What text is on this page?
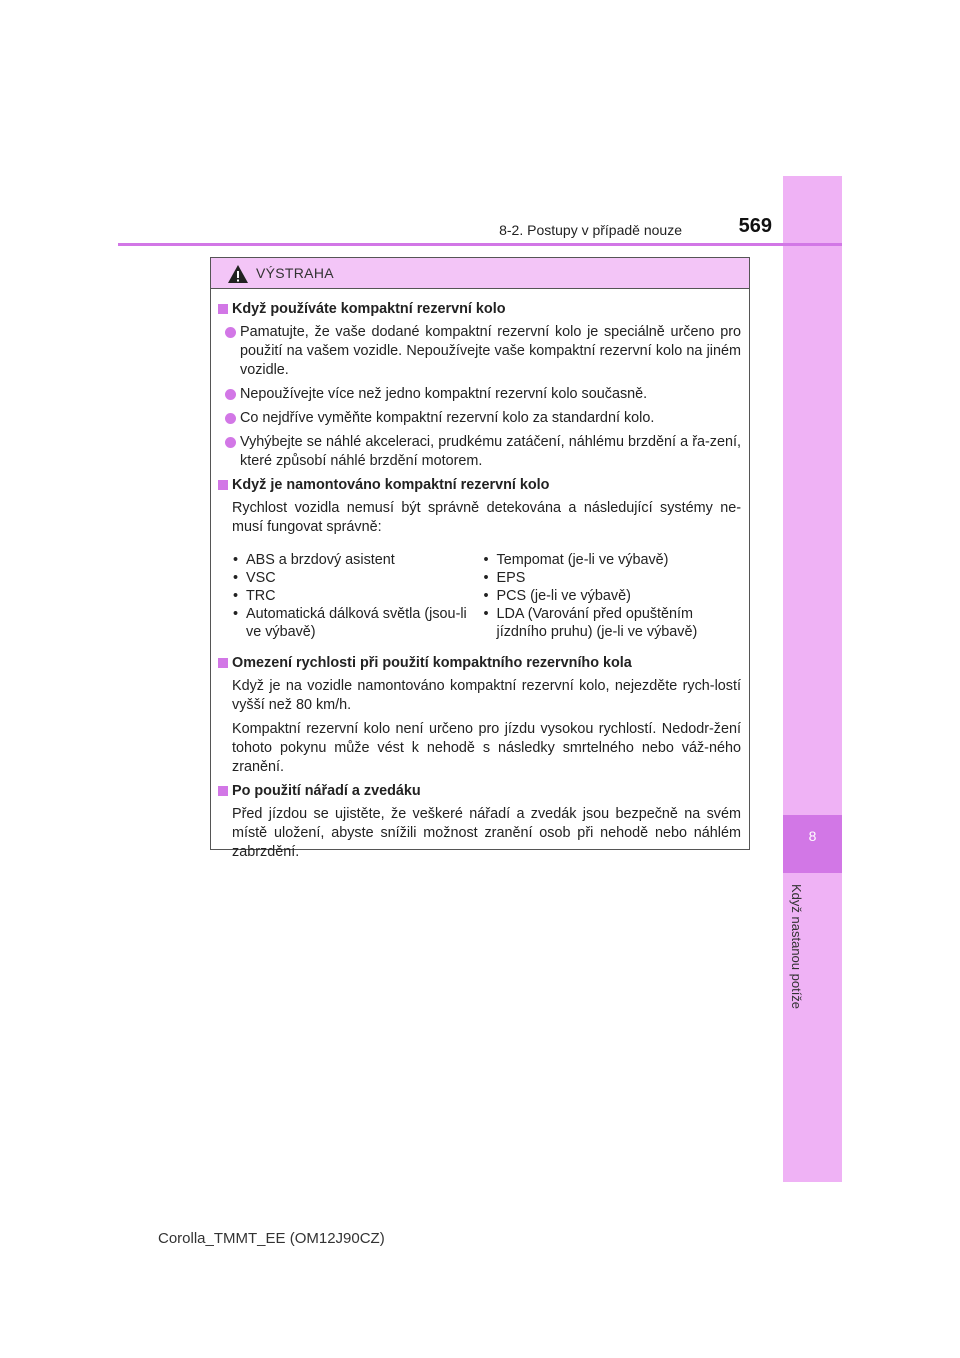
8
Když nastanou potíže
8-2. Postupy v případě nouze	569
VÝSTRAHA
Když používáte kompaktní rezervní kolo
Pamatujte, že vaše dodané kompaktní rezervní kolo je speciálně určeno pro použití na vašem vozidle. Nepoužívejte vaše kompaktní rezervní kolo na jiném vozidle.
Nepoužívejte více než jedno kompaktní rezervní kolo současně.
Co nejdříve vyměňte kompaktní rezervní kolo za standardní kolo.
Vyhýbejte se náhlé akceleraci, prudkému zatáčení, náhlému brzdění a řa-zení, které způsobí náhlé brzdění motorem.
Když je namontováno kompaktní rezervní kolo
Rychlost vozidla nemusí být správně detekována a následující systémy ne-musí fungovat správně:
• ABS a brzdový asistent
• VSC
• TRC
• Automatická dálková světla (jsou-li ve výbavě)
• Tempomat (je-li ve výbavě)
• EPS
• PCS (je-li ve výbavě)
• LDA (Varování před opuštěním jízdního pruhu) (je-li ve výbavě)
Omezení rychlosti při použití kompaktního rezervního kola
Když je na vozidle namontováno kompaktní rezervní kolo, nejezděte rych-lostí vyšší než 80 km/h.
Kompaktní rezervní kolo není určeno pro jízdu vysokou rychlostí. Nedodr-žení tohoto pokynu může vést k nehodě s následky smrtelného nebo váž-ného zranění.
Po použití nářadí a zvedáku
Před jízdou se ujistěte, že veškeré nářadí a zvedák jsou bezpečně na svém místě uložení, abyste snížili možnost zranění osob při nehodě nebo náhlém zabrzdění.
Corolla_TMMT_EE (OM12J90CZ)
